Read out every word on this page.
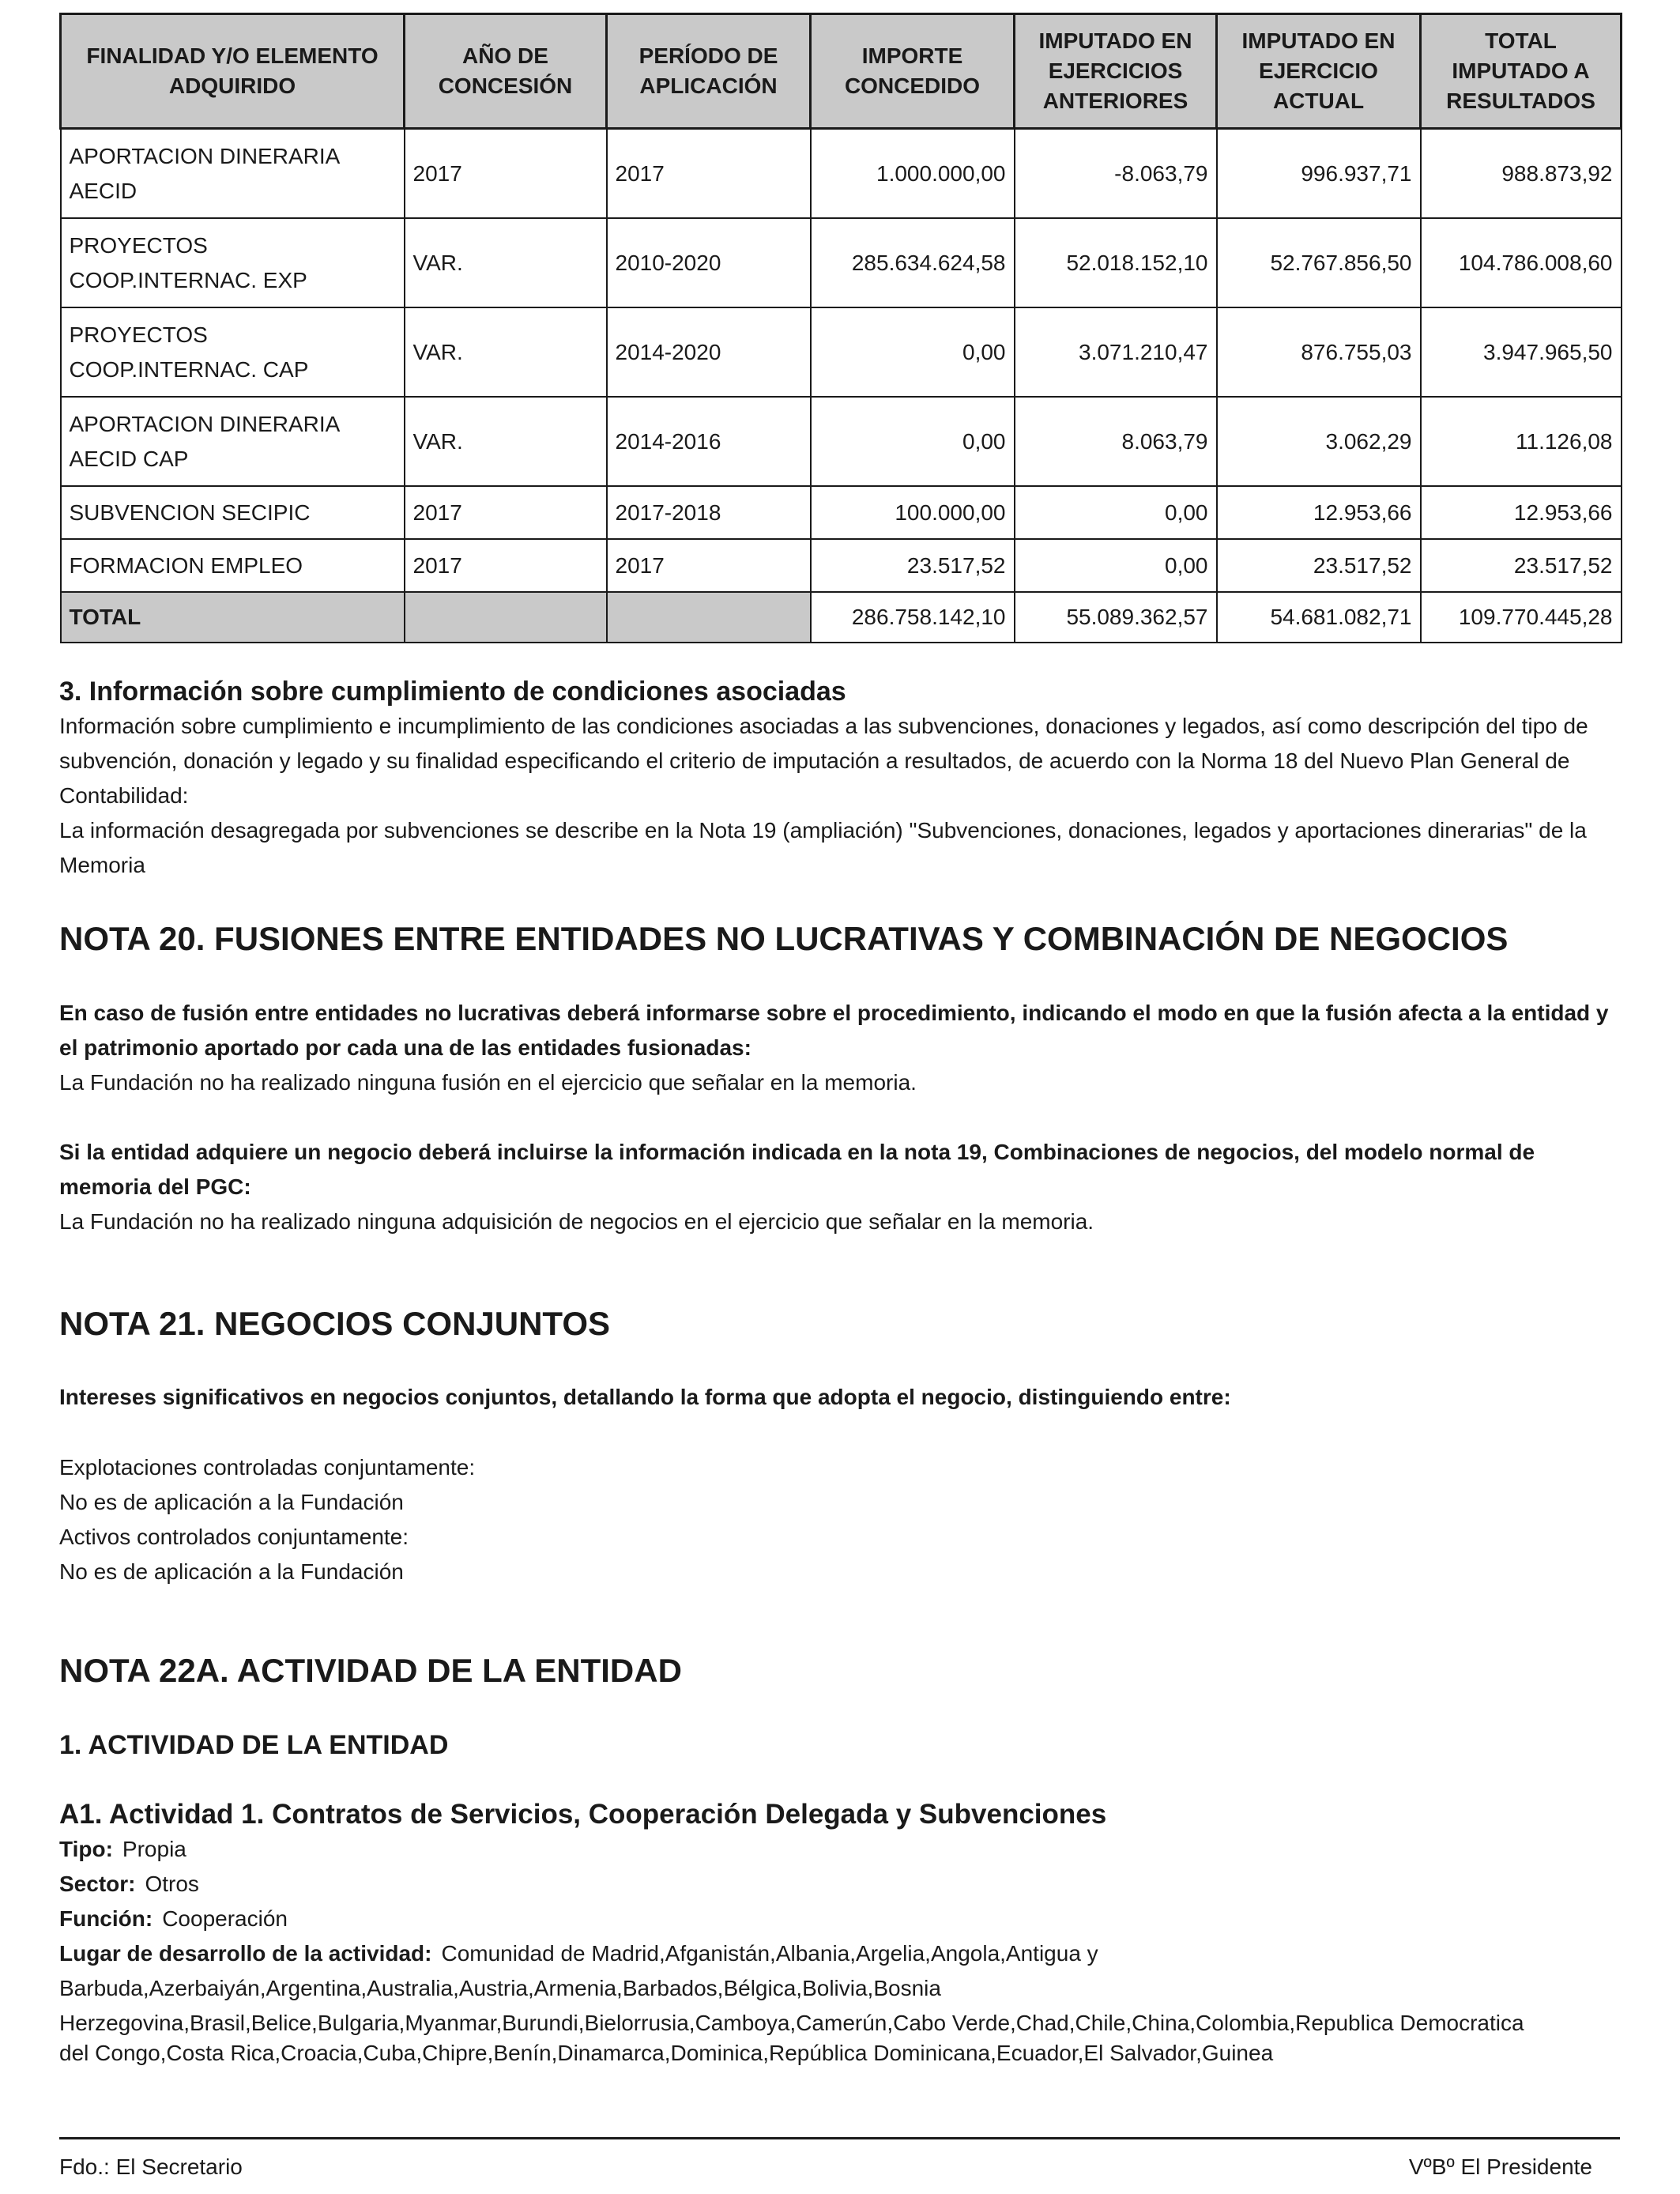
FINALIDAD Y/O ELEMENTO ADQUIRIDO	AÑO DE CONCESIÓN	PERÍODO DE APLICACIÓN	IMPORTE CONCEDIDO	IMPUTADO EN EJERCICIOS ANTERIORES	IMPUTADO EN EJERCICIO ACTUAL	TOTAL IMPUTADO A RESULTADOS
APORTACION DINERARIA AECID	2017	2017	1.000.000,00	-8.063,79	996.937,71	988.873,92
PROYECTOS COOP.INTERNAC. EXP	VAR.	2010-2020	285.634.624,58	52.018.152,10	52.767.856,50	104.786.008,60
PROYECTOS COOP.INTERNAC. CAP	VAR.	2014-2020	0,00	3.071.210,47	876.755,03	3.947.965,50
APORTACION DINERARIA AECID CAP	VAR.	2014-2016	0,00	8.063,79	3.062,29	11.126,08
SUBVENCION SECIPIC	2017	2017-2018	100.000,00	0,00	12.953,66	12.953,66
FORMACION EMPLEO	2017	2017	23.517,52	0,00	23.517,52	23.517,52
TOTAL			286.758.142,10	55.089.362,57	54.681.082,71	109.770.445,28
3. Información sobre cumplimiento de condiciones asociadas

Información sobre cumplimiento e incumplimiento de las condiciones asociadas a las subvenciones, donaciones y legados, así como descripción del tipo de subvención, donación y legado y su finalidad especificando el criterio de imputación a resultados, de acuerdo con la Norma 18 del Nuevo Plan General de Contabilidad:

La información desagregada por subvenciones se describe en la Nota 19 (ampliación) "Subvenciones, donaciones, legados y aportaciones dinerarias" de la Memoria

NOTA 20. FUSIONES ENTRE ENTIDADES NO LUCRATIVAS Y COMBINACIÓN DE NEGOCIOS

En caso de fusión entre entidades no lucrativas deberá informarse sobre el procedimiento, indicando el modo en que la fusión afecta a la entidad y el patrimonio aportado por cada una de las entidades fusionadas:

La Fundación no ha realizado ninguna fusión en el ejercicio que señalar en la memoria.

Si la entidad adquiere un negocio deberá incluirse la información indicada en la nota 19, Combinaciones de negocios, del modelo normal de memoria del PGC:

La Fundación no ha realizado ninguna adquisición de negocios en el ejercicio que señalar en la memoria.

NOTA 21. NEGOCIOS CONJUNTOS

Intereses significativos en negocios conjuntos, detallando la forma que adopta el negocio, distinguiendo entre:

Explotaciones controladas conjuntamente:

No es de aplicación a la Fundación

Activos controlados conjuntamente:

No es de aplicación a la Fundación

NOTA 22A. ACTIVIDAD DE LA ENTIDAD
1. ACTIVIDAD DE LA ENTIDAD
A1. Actividad 1. Contratos de Servicios, Cooperación Delegada y Subvenciones

Tipo: Propia

Sector: Otros

Función: Cooperación

Lugar de desarrollo de la actividad: Comunidad de Madrid,Afganistán,Albania,Argelia,Angola,Antigua y

Barbuda,Azerbaiyán,Argentina,Australia,Austria,Armenia,Barbados,Bélgica,Bolivia,Bosnia

Herzegovina,Brasil,Belice,Bulgaria,Myanmar,Burundi,Bielorrusia,Camboya,Camerún,Cabo Verde,Chad,Chile,China,Colombia,Republica Democratica

del Congo,Costa Rica,Croacia,Cuba,Chipre,Benín,Dinamarca,Dominica,República Dominicana,Ecuador,El Salvador,Guinea

Fdo.: El Secretario	VºBº El Presidente
